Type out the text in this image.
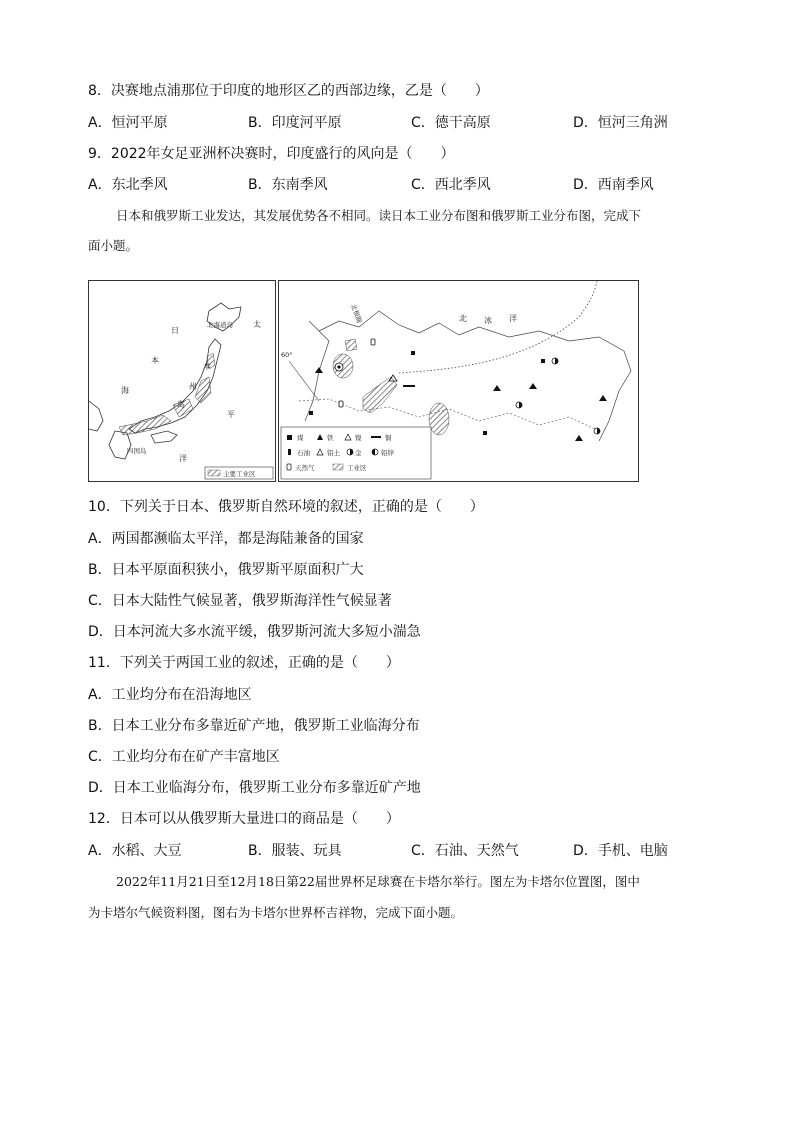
8．决赛地点浦那位于印度的地形区乙的西部边缘，乙是（　　）
A．恒河平原	B．印度河平原	C．德干高原	D．恒河三角洲
9．2022年女足亚洲杯决赛时，印度盛行的风向是（　　）
A．东北季风	B．东南季风	C．西北季风	D．西南季风
日本和俄罗斯工业发达，其发展优势各不相同。读日本工业分布图和俄罗斯工业分布图，完成下
面小题。
北海道岛
日
本
海
本
州
岛
四国岛
太
平
洋
主要工业区
北 冰 洋
60°
北极圈
煤	铁	镍	铜
石油	铝土 金	铅锌
天然气	工业区
10．下列关于日本、俄罗斯自然环境的叙述，正确的是（　　）
A．两国都濒临太平洋，都是海陆兼备的国家
B．日本平原面积狭小，俄罗斯平原面积广大
C．日本大陆性气候显著，俄罗斯海洋性气候显著
D．日本河流大多水流平缓，俄罗斯河流大多短小湍急
11．下列关于两国工业的叙述，正确的是（　　）
A．工业均分布在沿海地区
B．日本工业分布多靠近矿产地，俄罗斯工业临海分布
C．工业均分布在矿产丰富地区
D．日本工业临海分布，俄罗斯工业分布多靠近矿产地
12．日本可以从俄罗斯大量进口的商品是（　　）
A．水稻、大豆	B．服装、玩具	C．石油、天然气	D．手机、电脑
2022年11月21日至12月18日第22届世界杯足球赛在卡塔尔举行。图左为卡塔尔位置图，图中
为卡塔尔气候资料图，图右为卡塔尔世界杯吉祥物，完成下面小题。
